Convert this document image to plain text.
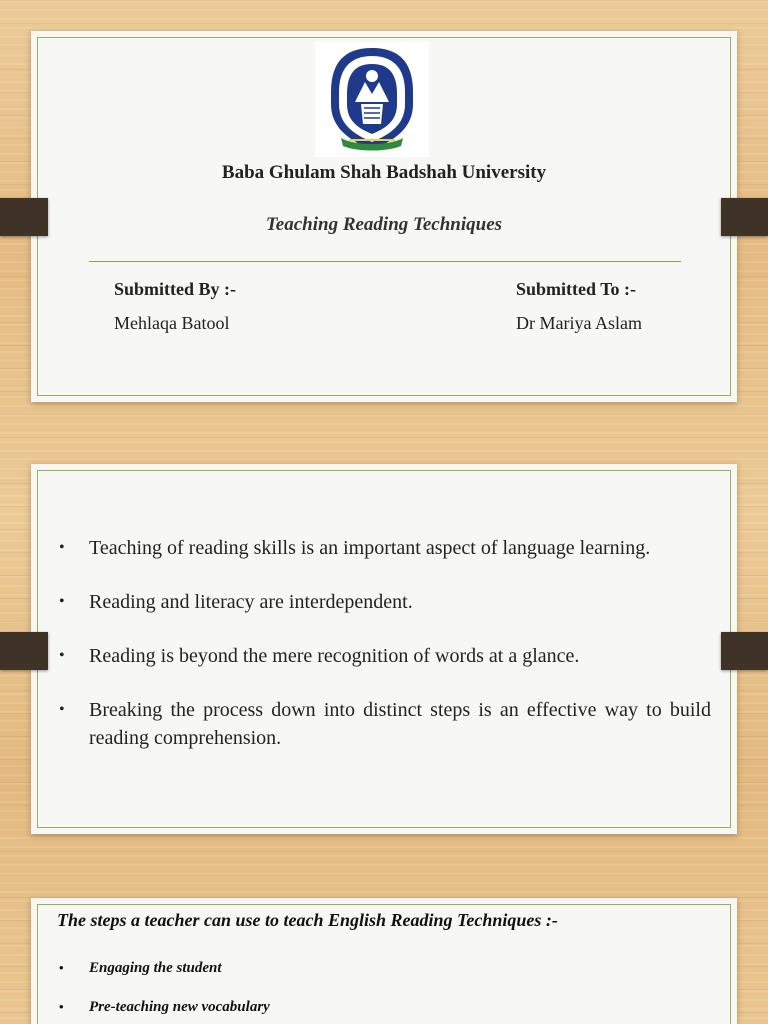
Baba Ghulam Shah Badshah University
Teaching Reading Techniques
Submitted By :-
Mehlaqa Batool
Submitted To :-
Dr Mariya Aslam
• Teaching of reading skills is an important aspect of language learning.
• Reading and literacy are interdependent.
• Reading is beyond the mere recognition of words at a glance.
• Breaking the process down into distinct steps is an effective way to build reading comprehension.
The steps a teacher can use to teach English Reading Techniques :-
• Engaging the student
• Pre-teaching new vocabulary
